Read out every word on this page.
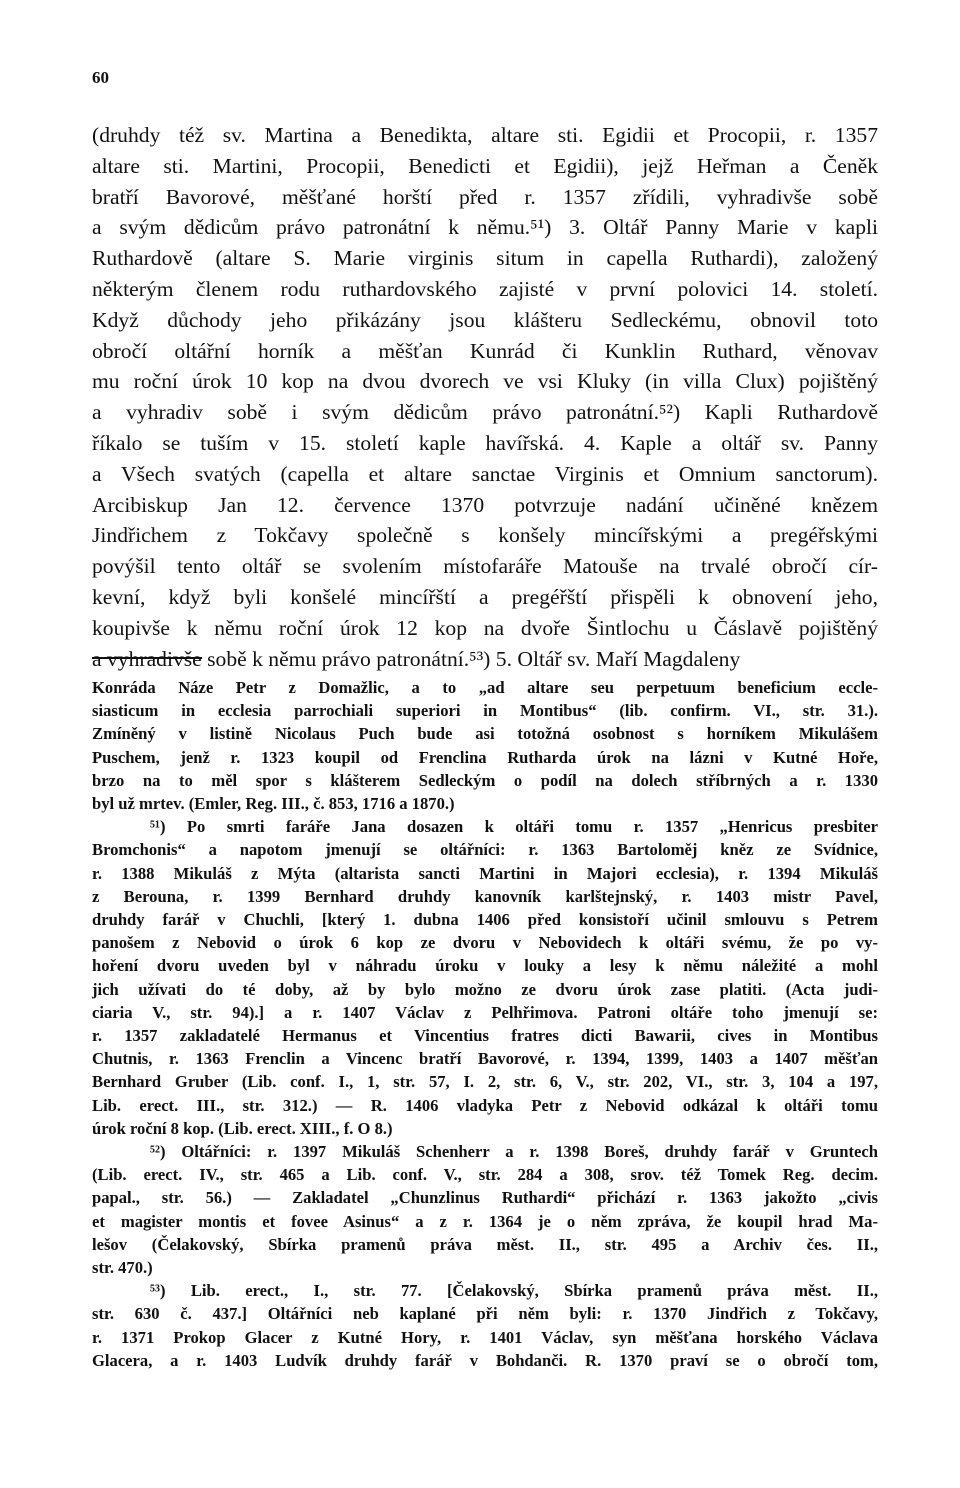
60
(druhdy též sv. Martina a Benedikta, altare sti. Egidii et Procopii, r. 1357
altare sti. Martini, Procopii, Benedicti et Egidii), jejž Heřman a Čeněk
bratří Bavorové, měšťané horští před r. 1357 zřídili, vyhradivše sobě
a svým dědicům právo patronátní k němu.⁵¹) 3. Oltář Panny Marie v kapli
Ruthardově (altare S. Marie virginis situm in capella Ruthardi), založený
některým členem rodu ruthardovského zajisté v první polovici 14. století.
Když důchody jeho přikázány jsou klášteru Sedleckému, obnovil toto
obročí oltářní horník a měšťan Kunrád či Kunklin Ruthard, věnovav
mu roční úrok 10 kop na dvou dvorech ve vsi Kluky (in villa Clux) pojištěný
a vyhradiv sobě i svým dědicům právo patronátní.⁵²) Kapli Ruthardově
říkalo se tuším v 15. století kaple havířská. 4. Kaple a oltář sv. Panny
a Všech svatých (capella et altare sanctae Virginis et Omnium sanctorum).
Arcibiskup Jan 12. července 1370 potvrzuje nadání učiněné knězem
Jindřichem z Tokčavy společně s konšely mincířskými a pregéřskými
povýšil tento oltář se svolením místofaráře Matouše na trvalé obročí cír-
kevní, když byli konšelé mincířští a pregéřští přispěli k obnovení jeho,
koupivše k němu roční úrok 12 kop na dvoře Šintlochu u Čáslavě pojištěný
a vyhradivše sobě k němu právo patronátní.⁵³) 5. Oltář sv. Maří Magdaleny
Konráda Náze Petr z Domažlic, a to „ad altare seu perpetuum beneficium eccle-
siasticum in ecclesia parrochiali superiori in Montibus“ (lib. confirm. VI., str. 31.).
Zmíněný v listině Nicolaus Puch bude asi totožná osobnost s horníkem Mikulášem
Puschem, jenž r. 1323 koupil od Frenclina Rutharda úrok na lázni v Kutné Hoře,
brzo na to měl spor s klášterem Sedleckým o podíl na dolech stříbrných a r. 1330
byl už mrtev. (Emler, Reg. III., č. 853, 1716 a 1870.)
⁵¹) Po smrti faráře Jana dosazen k oltáři tomu r. 1357 „Henricus presbiter
Bromchonis“ a napotom jmenují se oltářníci: r. 1363 Bartoloměj kněz ze Svídnice,
r. 1388 Mikuláš z Mýta (altarista sancti Martini in Majori ecclesia), r. 1394 Mikuláš
z Berouna, r. 1399 Bernhard druhdy kanovník karlštejnský, r. 1403 mistr Pavel,
druhdy farář v Chuchli, [který 1. dubna 1406 před konsistoří učinil smlouvu s Petrem
panošem z Nebovid o úrok 6 kop ze dvoru v Nebovidech k oltáři svému, že po vy-
hoření dvoru uveden byl v náhradu úroku v louky a lesy k němu náležité a mohl
jich užívati do té doby, až by bylo možno ze dvoru úrok zase platiti. (Acta judi-
ciaria V., str. 94).] a r. 1407 Václav z Pelhřimova. Patroni oltáře toho jmenují se:
r. 1357 zakladatelé Hermanus et Vincentius fratres dicti Bawarii, cives in Montibus
Chutnis, r. 1363 Frenclin a Vincenc bratří Bavorové, r. 1394, 1399, 1403 a 1407 měšťan
Bernhard Gruber (Lib. conf. I., 1, str. 57, I. 2, str. 6, V., str. 202, VI., str. 3, 104 a 197,
Lib. erect. III., str. 312.) — R. 1406 vladyka Petr z Nebovid odkázal k oltáři tomu
úrok roční 8 kop. (Lib. erect. XIII., f. O 8.)
⁵²) Oltářníci: r. 1397 Mikuláš Schenherr a r. 1398 Boreš, druhdy farář v Gruntech
(Lib. erect. IV., str. 465 a Lib. conf. V., str. 284 a 308, srov. též Tomek Reg. decim.
papal., str. 56.) — Zakladatel „Chunzlinus Ruthardi“ přichází r. 1363 jakožto „civis
et magister montis et fovee Asinus“ a z r. 1364 je o něm zpráva, že koupil hrad Ma-
lešov (Čelakovský, Sbírka pramenů práva měst. II., str. 495 a Archiv čes. II.,
str. 470.)
⁵³) Lib. erect., I., str. 77. [Čelakovský, Sbírka pramenů práva měst. II.,
str. 630 č. 437.] Oltářníci neb kaplané při něm byli: r. 1370 Jindřich z Tokčavy,
r. 1371 Prokop Glacer z Kutné Hory, r. 1401 Václav, syn měšťana horského Václava
Glacera, a r. 1403 Ludvík druhdy farář v Bohdanči. R. 1370 praví se o obročí tom,
